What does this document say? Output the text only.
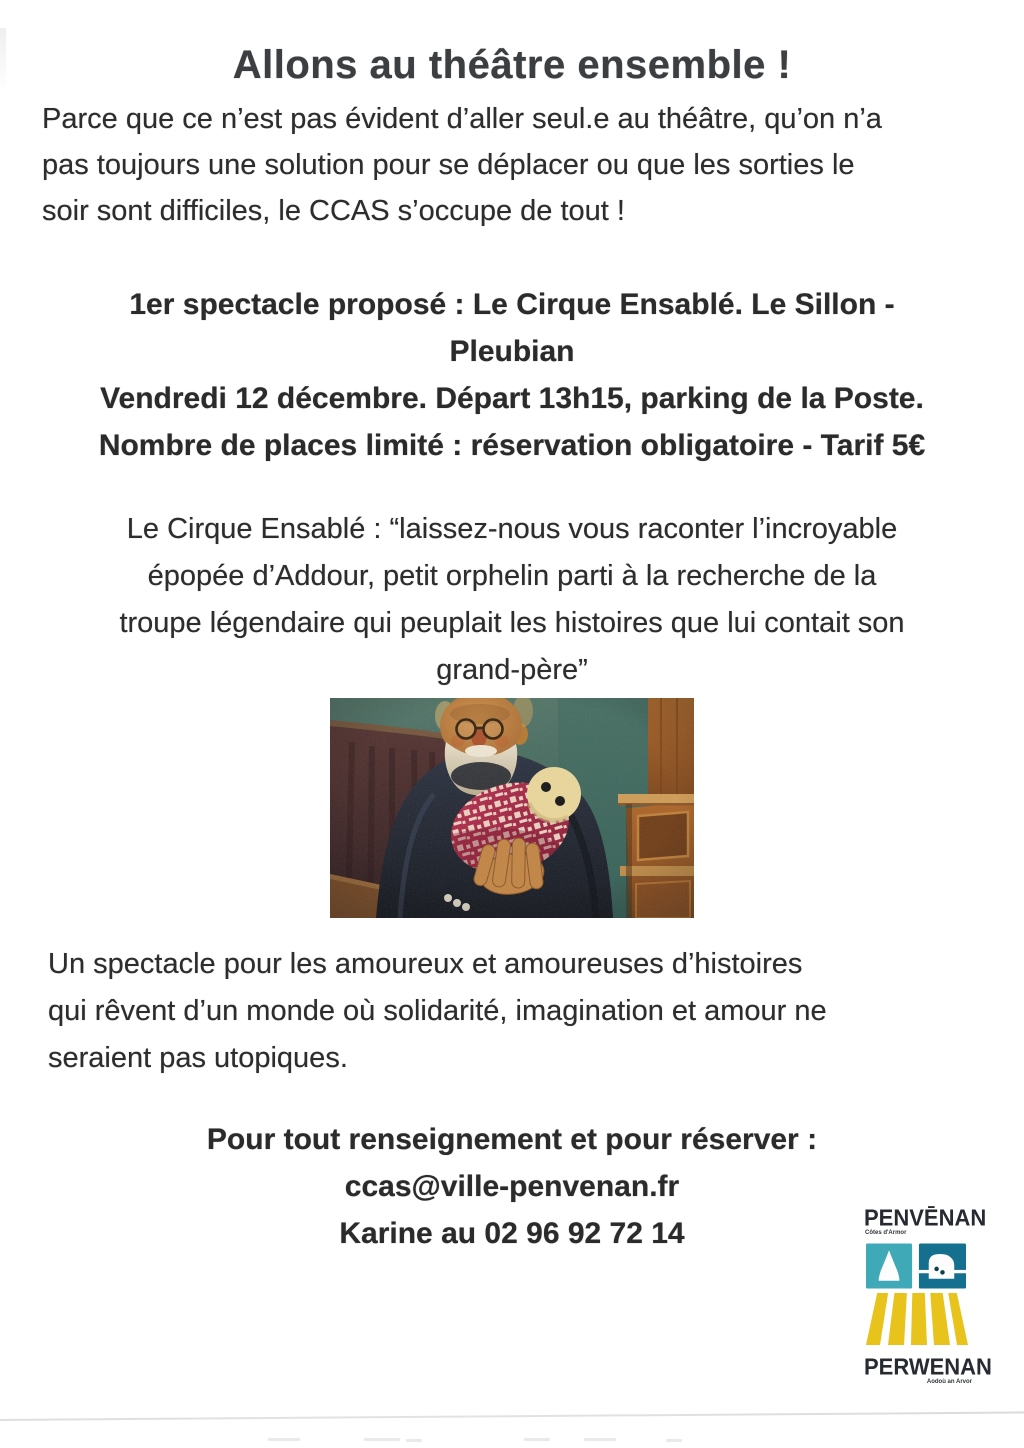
Allons au théâtre ensemble !
Parce que ce n’est pas évident d’aller seul.e au théâtre, qu’on n’a
pas toujours une solution pour se déplacer ou que les sorties le
soir sont difficiles, le CCAS s’occupe de tout !
1er spectacle proposé : Le Cirque Ensablé. Le Sillon -
Pleubian
Vendredi 12 décembre. Départ 13h15, parking de la Poste.
Nombre de places limité : réservation obligatoire - Tarif 5€
Le Cirque Ensablé : “laissez-nous vous raconter l’incroyable
épopée d’Addour, petit orphelin parti à la recherche de la
troupe légendaire qui peuplait les histoires que lui contait son
grand-père”
Un spectacle pour les amoureux et amoureuses d’histoires
qui rêvent d’un monde où solidarité, imagination et amour ne
seraient pas utopiques.
Pour tout renseignement et pour réserver :
ccas@ville-penvenan.fr
Karine au 02 96 92 72 14	PENVĒNAN
Côtes d'Armor
PERWENAN
Aodoù an Arvor
